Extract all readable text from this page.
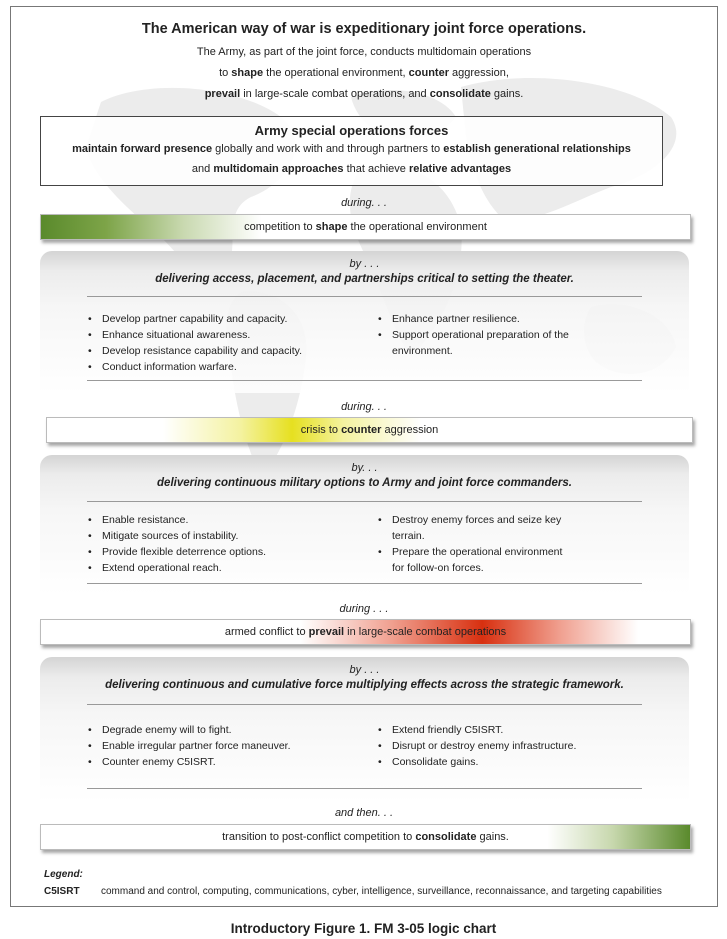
The American way of war is expeditionary joint force operations.
The Army, as part of the joint force, conducts multidomain operations
to shape the operational environment, counter aggression,
prevail in large-scale combat operations, and consolidate gains.
Army special operations forces
maintain forward presence globally and work with and through partners to establish generational relationships
and multidomain approaches that achieve relative advantages
during. . .
competition to shape the operational environment
by . . .
delivering access, placement, and partnerships critical to setting the theater.
• Develop partner capability and capacity.
• Enhance situational awareness.
• Develop resistance capability and capacity.
• Conduct information warfare.
• Enhance partner resilience.
• Support operational preparation of the environment.
during. . .
crisis to counter aggression
by. . .
delivering continuous military options to Army and joint force commanders.
• Enable resistance.
• Mitigate sources of instability.
• Provide flexible deterrence options.
• Extend operational reach.
• Destroy enemy forces and seize key terrain.
• Prepare the operational environment for follow-on forces.
during . . .
armed conflict to prevail in large-scale combat operations
by . . .
delivering continuous and cumulative force multiplying effects across the strategic framework.
• Degrade enemy will to fight.
• Enable irregular partner force maneuver.
• Counter enemy C5ISRT.
• Extend friendly C5ISRT.
• Disrupt or destroy enemy infrastructure.
• Consolidate gains.
and then. . .
transition to post-conflict competition to consolidate gains.
Legend:
C5ISRT command and control, computing, communications, cyber, intelligence, surveillance, reconnaissance, and targeting capabilities
Introductory Figure 1. FM 3-05 logic chart
